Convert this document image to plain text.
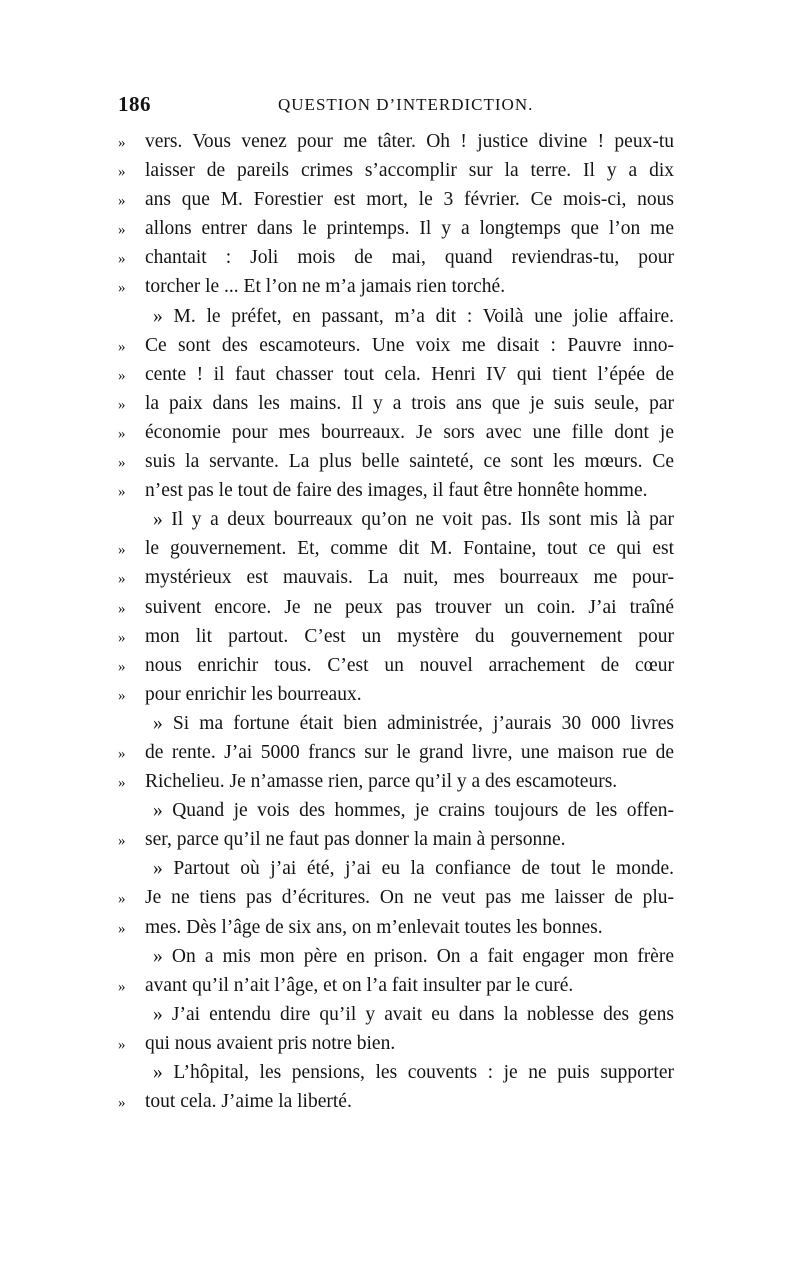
186	QUESTION D’INTERDICTION.
»	vers. Vous venez pour me tâter. Oh ! justice divine ! peux-tu
»	laisser de pareils crimes s’accomplir sur la terre. Il y a dix
»	ans que M. Forestier est mort, le 3 février. Ce mois-ci, nous
»	allons entrer dans le printemps. Il y a longtemps que l’on me
»	chantait : Joli mois de mai, quand reviendras-tu, pour
»	torcher le ... Et l’on ne m’a jamais rien torché.
» M. le préfet, en passant, m’a dit : Voilà une jolie affaire.
»	Ce sont des escamoteurs. Une voix me disait : Pauvre inno-
»	cente ! il faut chasser tout cela. Henri IV qui tient l’épée de
»	la paix dans les mains. Il y a trois ans que je suis seule, par
»	économie pour mes bourreaux. Je sors avec une fille dont je
»	suis la servante. La plus belle sainteté, ce sont les mœurs. Ce
»	n’est pas le tout de faire des images, il faut être honnête homme.
» Il y a deux bourreaux qu’on ne voit pas. Ils sont mis là par
»	le gouvernement. Et, comme dit M. Fontaine, tout ce qui est
»	mystérieux est mauvais. La nuit, mes bourreaux me pour-
»	suivent encore. Je ne peux pas trouver un coin. J’ai traîné
»	mon lit partout. C’est un mystère du gouvernement pour
»	nous enrichir tous. C’est un nouvel arrachement de cœur
»	pour enrichir les bourreaux.
» Si ma fortune était bien administrée, j’aurais 30 000 livres
»	de rente. J’ai 5000 francs sur le grand livre, une maison rue de
»	Richelieu. Je n’amasse rien, parce qu’il y a des escamoteurs.
» Quand je vois des hommes, je crains toujours de les offen-
»	ser, parce qu’il ne faut pas donner la main à personne.
» Partout où j’ai été, j’ai eu la confiance de tout le monde.
»	Je ne tiens pas d’écritures. On ne veut pas me laisser de plu-
»	mes. Dès l’âge de six ans, on m’enlevait toutes les bonnes.
» On a mis mon père en prison. On a fait engager mon frère
»	avant qu’il n’ait l’âge, et on l’a fait insulter par le curé.
» J’ai entendu dire qu’il y avait eu dans la noblesse des gens
»	qui nous avaient pris notre bien.
» L’hôpital, les pensions, les couvents : je ne puis supporter
»	tout cela. J’aime la liberté.
